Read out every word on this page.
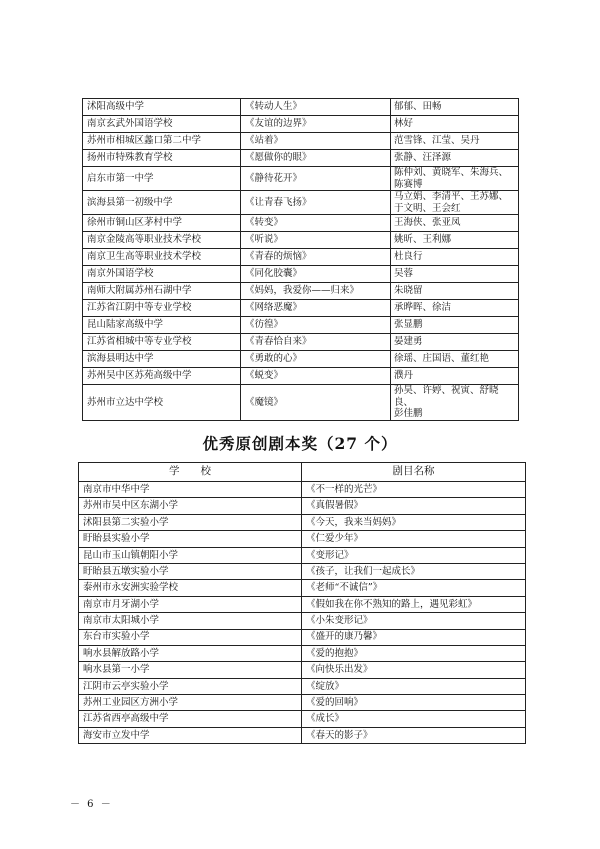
沭阳高级中学	《转动人生》	郁郁、田畅

南京玄武外国语学校	《友谊的边界》	林好

苏州市相城区蠡口第二中学	《站着》	范雪锋、江莹、吴丹

扬州市特殊教育学校	《愿做你的眼》	张静、汪泽源

启东市第一中学	《静待花开》	陈仲刘、黄晓军、朱海兵、
陈赛博

滨海县第一初级中学	《让青春飞扬》	马立娟、李清平、王苏娜、
于文明、王会红

徐州市铜山区茅村中学	《转变》	王海侠、张亚凤

南京金陵高等职业技术学校	《听说》	姚昕、王利娜

南京卫生高等职业技术学校	《青春的烦恼》	杜良行

南京外国语学校	《同化胶囊》	吴蓉

南师大附属苏州石湖中学	《妈妈，我爱你——归来》	朱晓留

江苏省江阴中等专业学校	《网络恶魔》	承晔晖、徐洁

昆山陆家高级中学	《彷徨》	张显鹏

江苏省相城中等专业学校	《青春恰自来》	晏建勇

滨海县明达中学	《勇敢的心》	徐瑶、庄国语、董红艳

苏州吴中区苏苑高级中学	《蜕变》	濮丹

苏州市立达中学校	《魔镜》	孙昊、许婷、祝寅、舒晓良、
彭佳鹏
优秀原创剧本奖（27 个）
学　　校	剧目名称
南京市中华中学	《不一样的光芒》
苏州市吴中区东湖小学	《真假暑假》
沭阳县第二实验小学	《今天，我来当妈妈》
盱眙县实验小学	《仁爱少年》
昆山市玉山镇朝阳小学	《变形记》
盱眙县五墩实验小学	《孩子，让我们一起成长》
泰州市永安洲实验学校	《老师“不诚信”》
南京市月牙湖小学	《假如我在你不熟知的路上，遇见彩虹》
南京市太阳城小学	《小朱变形记》
东台市实验小学	《盛开的康乃馨》
响水县解放路小学	《爱的抱抱》
响水县第一小学	《向快乐出发》
江阴市云亭实验小学	《绽放》
苏州工业园区方洲小学	《爱的回响》
江苏省西亭高级中学	《成长》
海安市立发中学	《春天的影子》
－ 6 －
